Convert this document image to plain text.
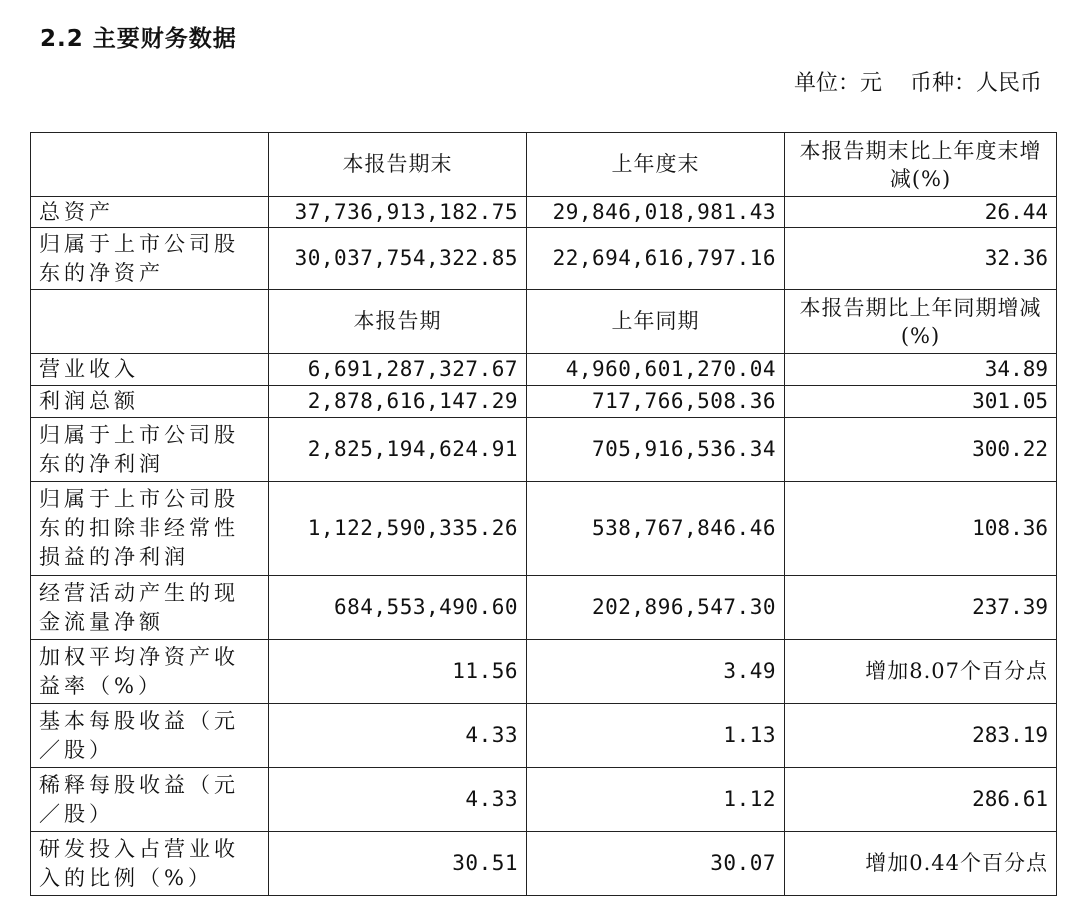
2.2 主要财务数据
单位：元 币种：人民币
	本报告期末	上年度末	本报告期末比上年度末增减(%)
总资产	37,736,913,182.75	29,846,018,981.43	26.44
归属于上市公司股东的净资产	30,037,754,322.85	22,694,616,797.16	32.36
	本报告期	上年同期	本报告期比上年同期增减(%)
营业收入	6,691,287,327.67	4,960,601,270.04	34.89
利润总额	2,878,616,147.29	717,766,508.36	301.05
归属于上市公司股东的净利润	2,825,194,624.91	705,916,536.34	300.22
归属于上市公司股东的扣除非经常性损益的净利润	1,122,590,335.26	538,767,846.46	108.36
经营活动产生的现金流量净额	684,553,490.60	202,896,547.30	237.39
加权平均净资产收益率（%）	11.56	3.49	增加8.07个百分点
基本每股收益（元／股）	4.33	1.13	283.19
稀释每股收益（元／股）	4.33	1.12	286.61
研发投入占营业收入的比例（%）	30.51	30.07	增加0.44个百分点
